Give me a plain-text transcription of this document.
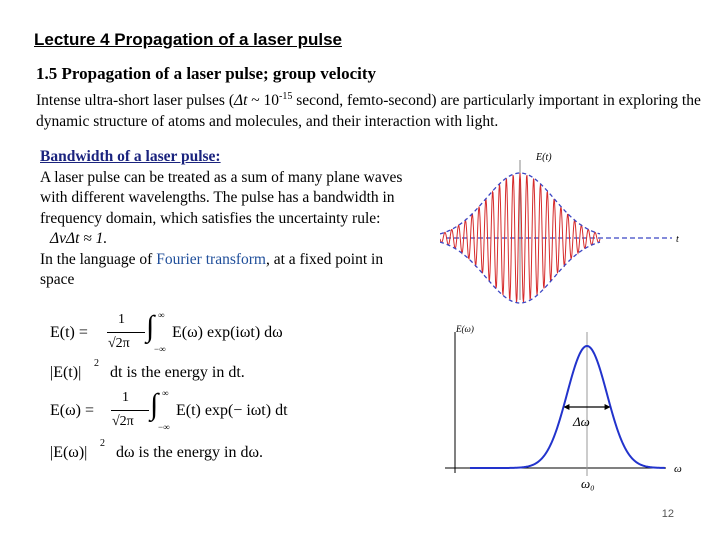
Lecture 4 Propagation of a laser pulse
1.5 Propagation of a laser pulse; group velocity
Intense ultra-short laser pulses (Δt ~ $10^{-15}$ second, femto-second) are particularly important in exploring the dynamic structure of atoms and molecules, and their interaction with light.
Bandwidth of a laser pulse:
A laser pulse can be treated as a sum of many plane waves with different wavelengths. The pulse has a bandwidth in frequency domain, which satisfies the uncertainty rule: ΔνΔt ≈ 1.
In the language of Fourier transform, at a fixed point in space
E(t) =
1
√2π
∫ ∞
−∞
E(ω) exp(iωt) dω
|E(t)|
2
dt is the energy in dt.
E(ω) =
1
√2π
∫ ∞
−∞
E(t) exp(− iωt) dt
|E(ω)|
2
dω is the energy in dω.
E(t)
t
E(ω)
ω
Δω
ω₀
12
